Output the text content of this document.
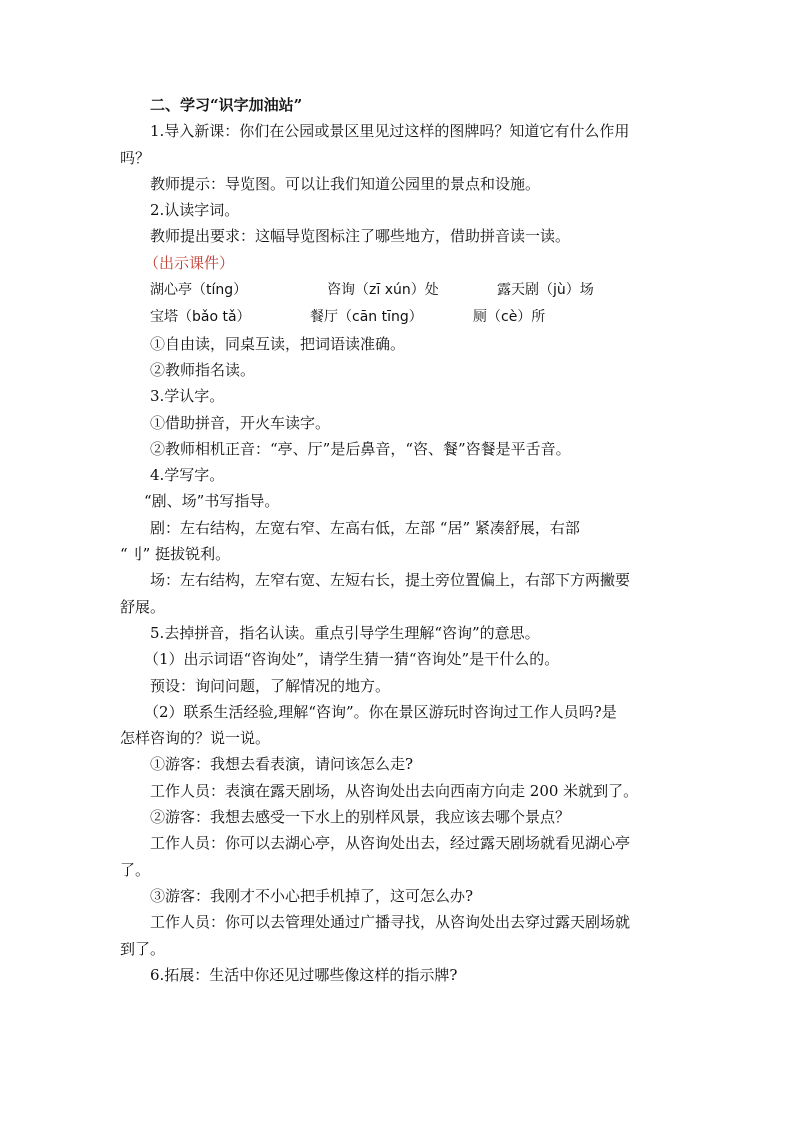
二、学习“识字加油站”
1.导入新课：你们在公园或景区里见过这样的图牌吗？知道它有什么作用
吗？
教师提示：导览图。可以让我们知道公园里的景点和设施。
2.认读字词。
教师提出要求：这幅导览图标注了哪些地方，借助拼音读一读。
（出示课件）
湖心亭（tíng）	咨询（zī xún）处	露天剧（jù）场
宝塔（bǎo tǎ）	餐厅（cān tīng）	厕（cè）所
①自由读，同桌互读，把词语读准确。
②教师指名读。
3.学认字。
①借助拼音，开火车读字。
②教师相机正音：“亭、厅”是后鼻音，“咨、餐”咨餐是平舌音。
4.学写字。
“剧、场”书写指导。
剧：左右结构，左宽右窄、左高右低，左部 “居” 紧凑舒展，右部
“刂” 挺拔锐利。
场：左右结构，左窄右宽、左短右长，提土旁位置偏上，右部下方两撇要
舒展。
5.去掉拼音，指名认读。重点引导学生理解“咨询”的意思。
（1）出示词语“咨询处”，请学生猜一猜“咨询处”是干什么的。
预设：询问问题，了解情况的地方。
（2）联系生活经验,理解“咨询”。你在景区游玩时咨询过工作人员吗?是
怎样咨询的？说一说。
①游客：我想去看表演，请问该怎么走?
工作人员：表演在露天剧场，从咨询处出去向西南方向走 200 米就到了。
②游客：我想去感受一下水上的别样风景，我应该去哪个景点？
工作人员：你可以去湖心亭，从咨询处出去，经过露天剧场就看见湖心亭
了。
③游客：我刚才不小心把手机掉了，这可怎么办?
工作人员：你可以去管理处通过广播寻找，从咨询处出去穿过露天剧场就
到了。
6.拓展：生活中你还见过哪些像这样的指示牌?
